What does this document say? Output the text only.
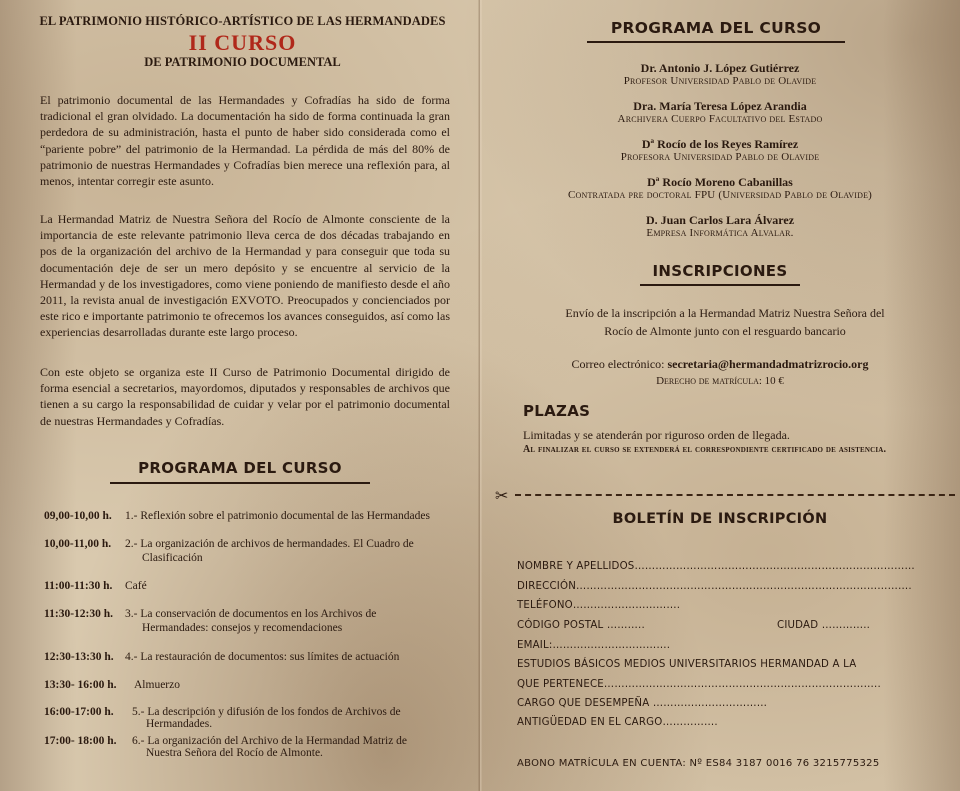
EL PATRIMONIO HISTÓRICO-ARTÍSTICO DE LAS HERMANDADES
II CURSO
DE PATRIMONIO DOCUMENTAL

El patrimonio documental de las Hermandades y Cofradías ha sido de forma tradicional el gran olvidado. La documentación ha sido de forma continuada la gran perdedora de su administración, hasta el punto de haber sido considerada como el “pariente pobre” del patrimonio de la Hermandad. La pérdida de más del 80% de patrimonio de nuestras Hermandades y Cofradías bien merece una reflexión para, al menos, intentar corregir este asunto.

La Hermandad Matriz de Nuestra Señora del Rocío de Almonte consciente de la importancia de este relevante patrimonio lleva cerca de dos décadas trabajando en pos de la organización del archivo de la Hermandad y para conseguir que toda su documentación deje de ser un mero depósito y se encuentre al servicio de la Hermandad y de los investigadores, como viene poniendo de manifiesto desde el año 2011, la revista anual de investigación EXVOTO. Preocupados y concienciados por este rico e importante patrimonio te ofrecemos los avances conseguidos, así como las experiencias desarrolladas durante este largo proceso.

Con este objeto se organiza este II Curso de Patrimonio Documental dirigido de forma esencial a secretarios, mayordomos, diputados y responsables de archivos que tienen a su cargo la responsabilidad de cuidar y velar por el patrimonio documental de nuestras Hermandades y Cofradías.

PROGRAMA DEL CURSO
09,00-10,00 h. 1.- Reflexión sobre el patrimonio documental de las Hermandades
10,00-11,00 h. 2.- La organización de archivos de hermandades. El Cuadro de
Clasificación
11:00-11:30 h. Café
11:30-12:30 h. 3.- La conservación de documentos en los Archivos de
Hermandades: consejos y recomendaciones
12:30-13:30 h. 4.- La restauración de documentos: sus límites de actuación
13:30- 16:00 h. Almuerzo
16:00-17:00 h. 5.- La descripción y difusión de los fondos de Archivos de
Hermandades.
17:00- 18:00 h. 6.- La organización del Archivo de la Hermandad Matriz de
Nuestra Señora del Rocío de Almonte.
PROGRAMA DEL CURSO
Dr. Antonio J. López Gutiérrez
Profesor Universidad Pablo de Olavide
Dra. María Teresa López Arandia
Archivera Cuerpo Facultativo del Estado
Dª Rocío de los Reyes Ramírez
Profesora Universidad Pablo de Olavide
Dª Rocío Moreno Cabanillas
Contratada pre doctoral FPU (Universidad Pablo de Olavide)
D. Juan Carlos Lara Álvarez
Empresa Informática Alvalar.
INSCRIPCIONES
Envío de la inscripción a la Hermandad Matriz Nuestra Señora del
Rocío de Almonte junto con el resguardo bancario
Correo electrónico: secretaria@hermandadmatrizrocio.org
Derecho de matrícula: 10 €
PLAZAS
Limitadas y se atenderán por riguroso orden de llegada.
Al finalizar el curso se extenderá el correspondiente certificado de asistencia.
✂
BOLETÍN DE INSCRIPCIÓN
NOMBRE Y APELLIDOS………………………………………………………………………
DIRECCIÓN…………………………………………………………………………………….
TELÉFONO………………………….
CÓDIGO POSTAL ………..	CIUDAD …………..
EMAIL:…………………………….
ESTUDIOS BÁSICOS MEDIOS UNIVERSITARIOS HERMANDAD A LA
QUE PERTENECE……………………………………………………………………..
CARGO QUE DESEMPEÑA ……………………………
ANTIGÜEDAD EN EL CARGO…………….
ABONO MATRÍCULA EN CUENTA: Nº ES84 3187 0016 76 3215775325
